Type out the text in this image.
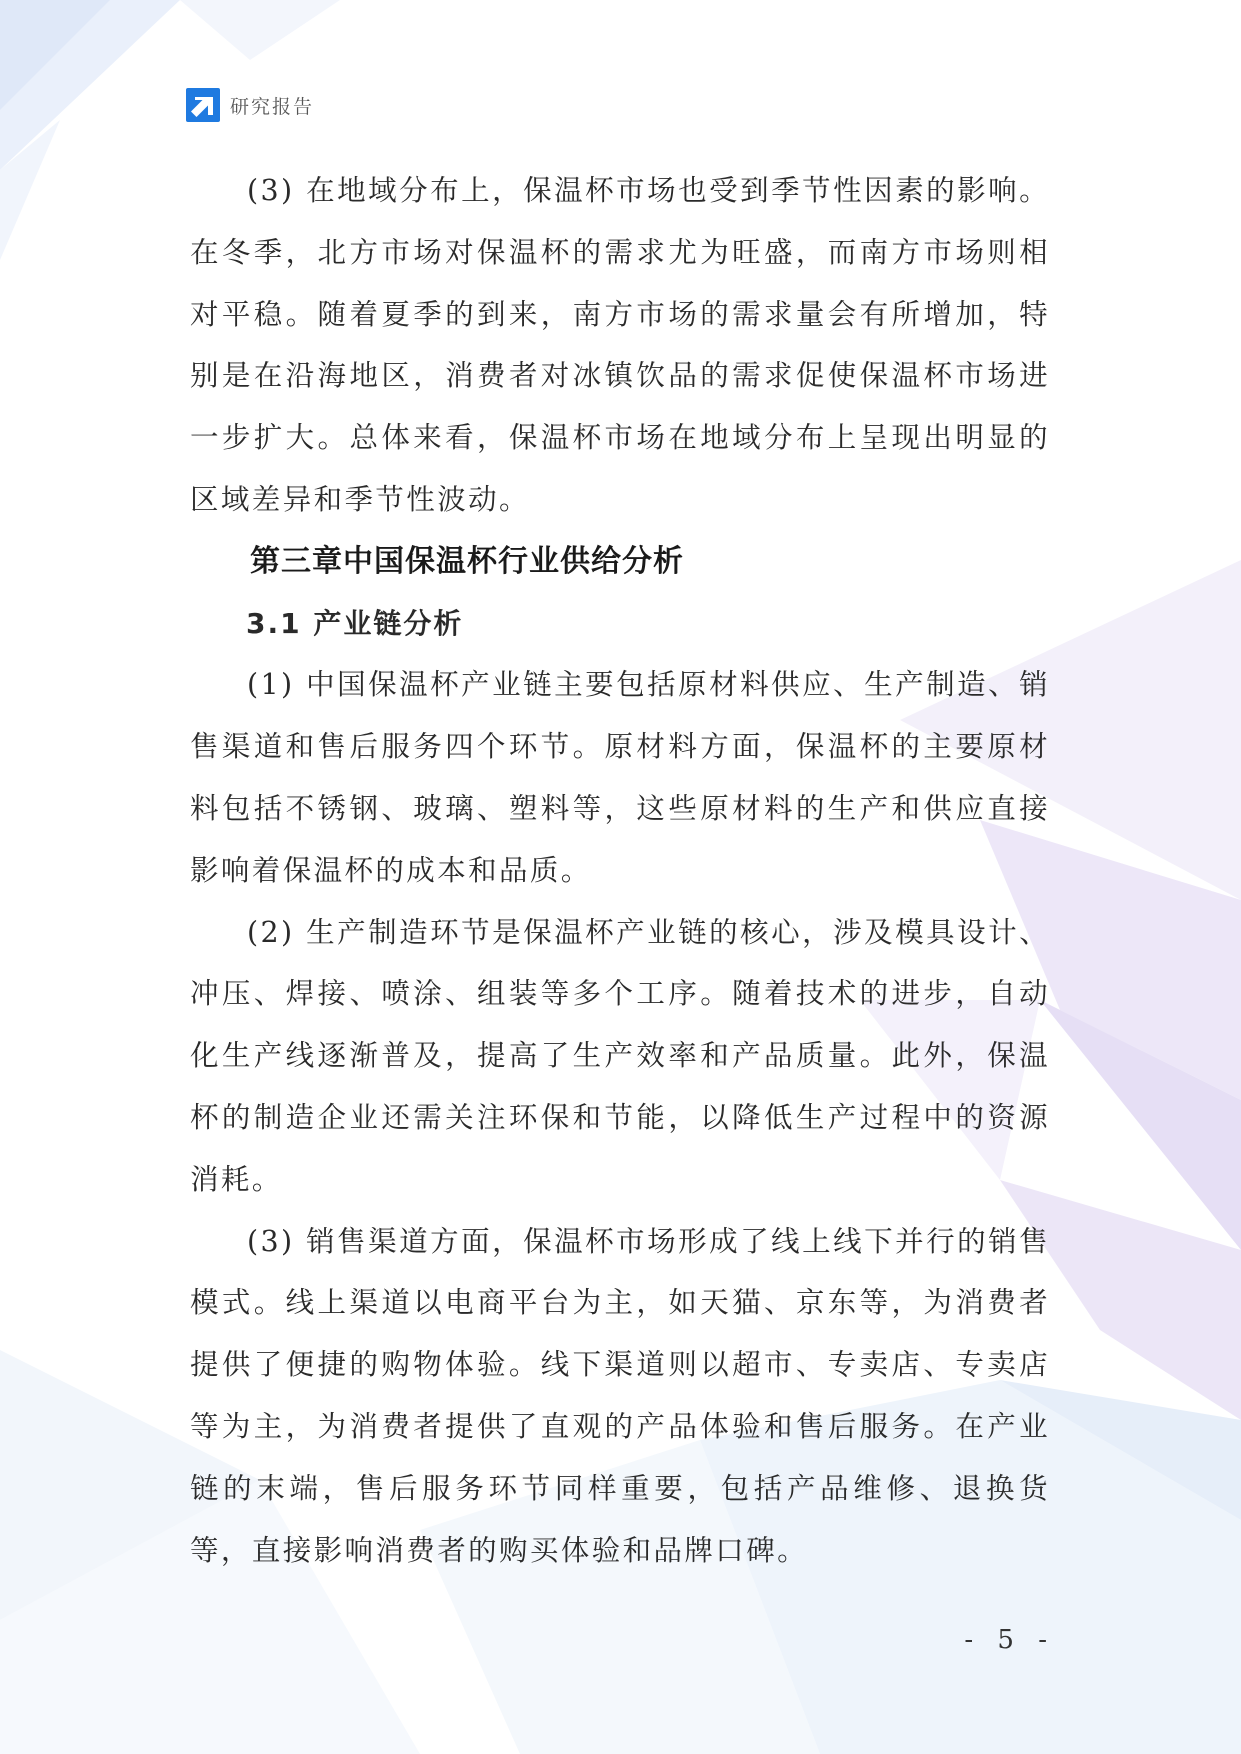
研究报告

(3) 在地域分布上，保温杯市场也受到季节性因素的影响。在冬季，北方市场对保温杯的需求尤为旺盛，而南方市场则相对平稳。随着夏季的到来，南方市场的需求量会有所增加，特别是在沿海地区，消费者对冰镇饮品的需求促使保温杯市场进一步扩大。总体来看，保温杯市场在地域分布上呈现出明显的区域差异和季节性波动。

第三章中国保温杯行业供给分析
3.1 产业链分析

(1) 中国保温杯产业链主要包括原材料供应、生产制造、销售渠道和售后服务四个环节。原材料方面，保温杯的主要原材料包括不锈钢、玻璃、塑料等，这些原材料的生产和供应直接影响着保温杯的成本和品质。

(2) 生产制造环节是保温杯产业链的核心，涉及模具设计、冲压、焊接、喷涂、组装等多个工序。随着技术的进步，自动化生产线逐渐普及，提高了生产效率和产品质量。此外，保温杯的制造企业还需关注环保和节能，以降低生产过程中的资源消耗。

(3) 销售渠道方面，保温杯市场形成了线上线下并行的销售模式。线上渠道以电商平台为主，如天猫、京东等，为消费者提供了便捷的购物体验。线下渠道则以超市、专卖店、专卖店等为主，为消费者提供了直观的产品体验和售后服务。在产业链的末端，售后服务环节同样重要，包括产品维修、退换货等，直接影响消费者的购买体验和品牌口碑。

- 5 -
